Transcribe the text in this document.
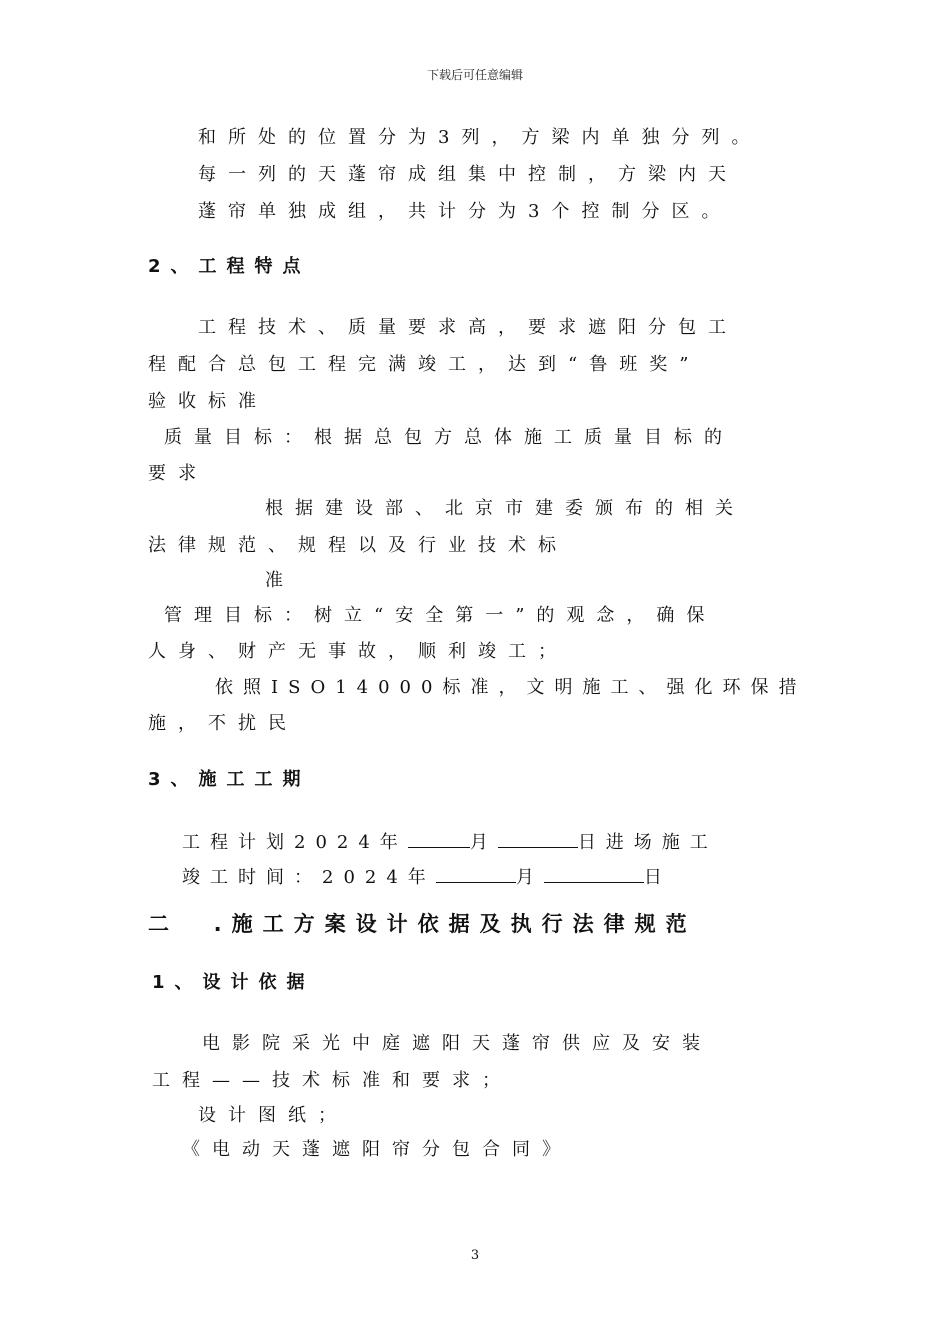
下载后可任意编辑
和所处的位置分为3列，方梁内单独分列。
每一列的天蓬帘成组集中控制，方梁内天
蓬帘单独成组，共计分为3个控制分区。
2、工程特点
工程技术、质量要求高，要求遮阳分包工
程配合总包工程完满竣工，达到“鲁班奖”
验收标准
质量目标：根据总包方总体施工质量目标的
要求
根据建设部、北京市建委颁布的相关
法律规范、规程以及行业技术标
准
管理目标：树立“安全第一”的观念，确保
人身、财产无事故，顺利竣工；
依照ISO14000标准，文明施工、强化环保措
施，不扰民
3、施工工期
工程计划2024年	月	日进场施工
竣工时间：2024年	月	日
二  .施工方案设计依据及执行法律规范
1、设计依据
电影院采光中庭遮阳天蓬帘供应及安装
工程——技术标准和要求；
设计图纸；
《电动天蓬遮阳帘分包合同》
3
